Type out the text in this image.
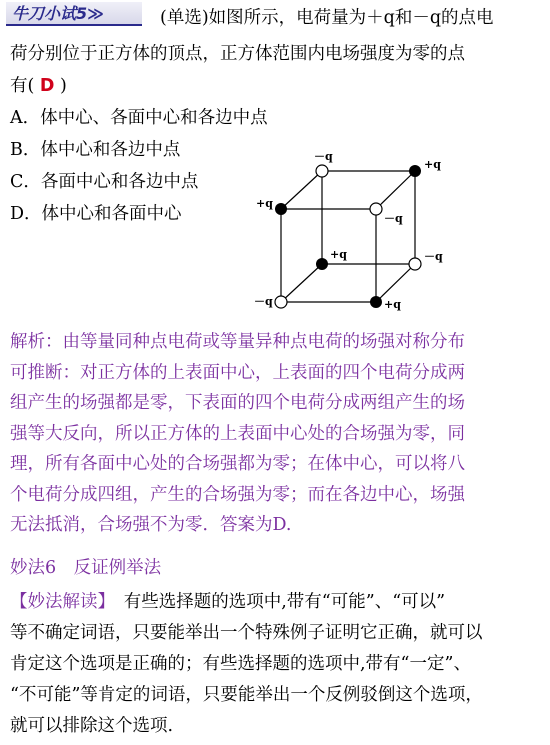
牛刀小试5≫	(单选)如图所示，电荷量为＋q和－q的点电
荷分别位于正方体的顶点，正方体范围内电场强度为零的点
有( D )
A．体中心、各面中心和各边中点
B．体中心和各边中点
C．各面中心和各边中点
D．体中心和各面中心
－q
+q
+q
－q
+q	－q
－q	+q
解析：由等量同种点电荷或等量异种点电荷的场强对称分布
可推断：对正方体的上表面中心，上表面的四个电荷分成两
组产生的场强都是零，下表面的四个电荷分成两组产生的场
强等大反向，所以正方体的上表面中心处的合场强为零，同
理，所有各面中心处的合场强都为零；在体中心，可以将八
个电荷分成四组，产生的合场强为零；而在各边中心，场强
无法抵消，合场强不为零．答案为D.
妙法6　反证例举法
【妙法解读】　有些选择题的选项中,带有“可能”、“可以”
等不确定词语，只要能举出一个特殊例子证明它正确，就可以
肯定这个选项是正确的；有些选择题的选项中,带有“一定”、
“不可能”等肯定的词语，只要能举出一个反例驳倒这个选项，
就可以排除这个选项.
